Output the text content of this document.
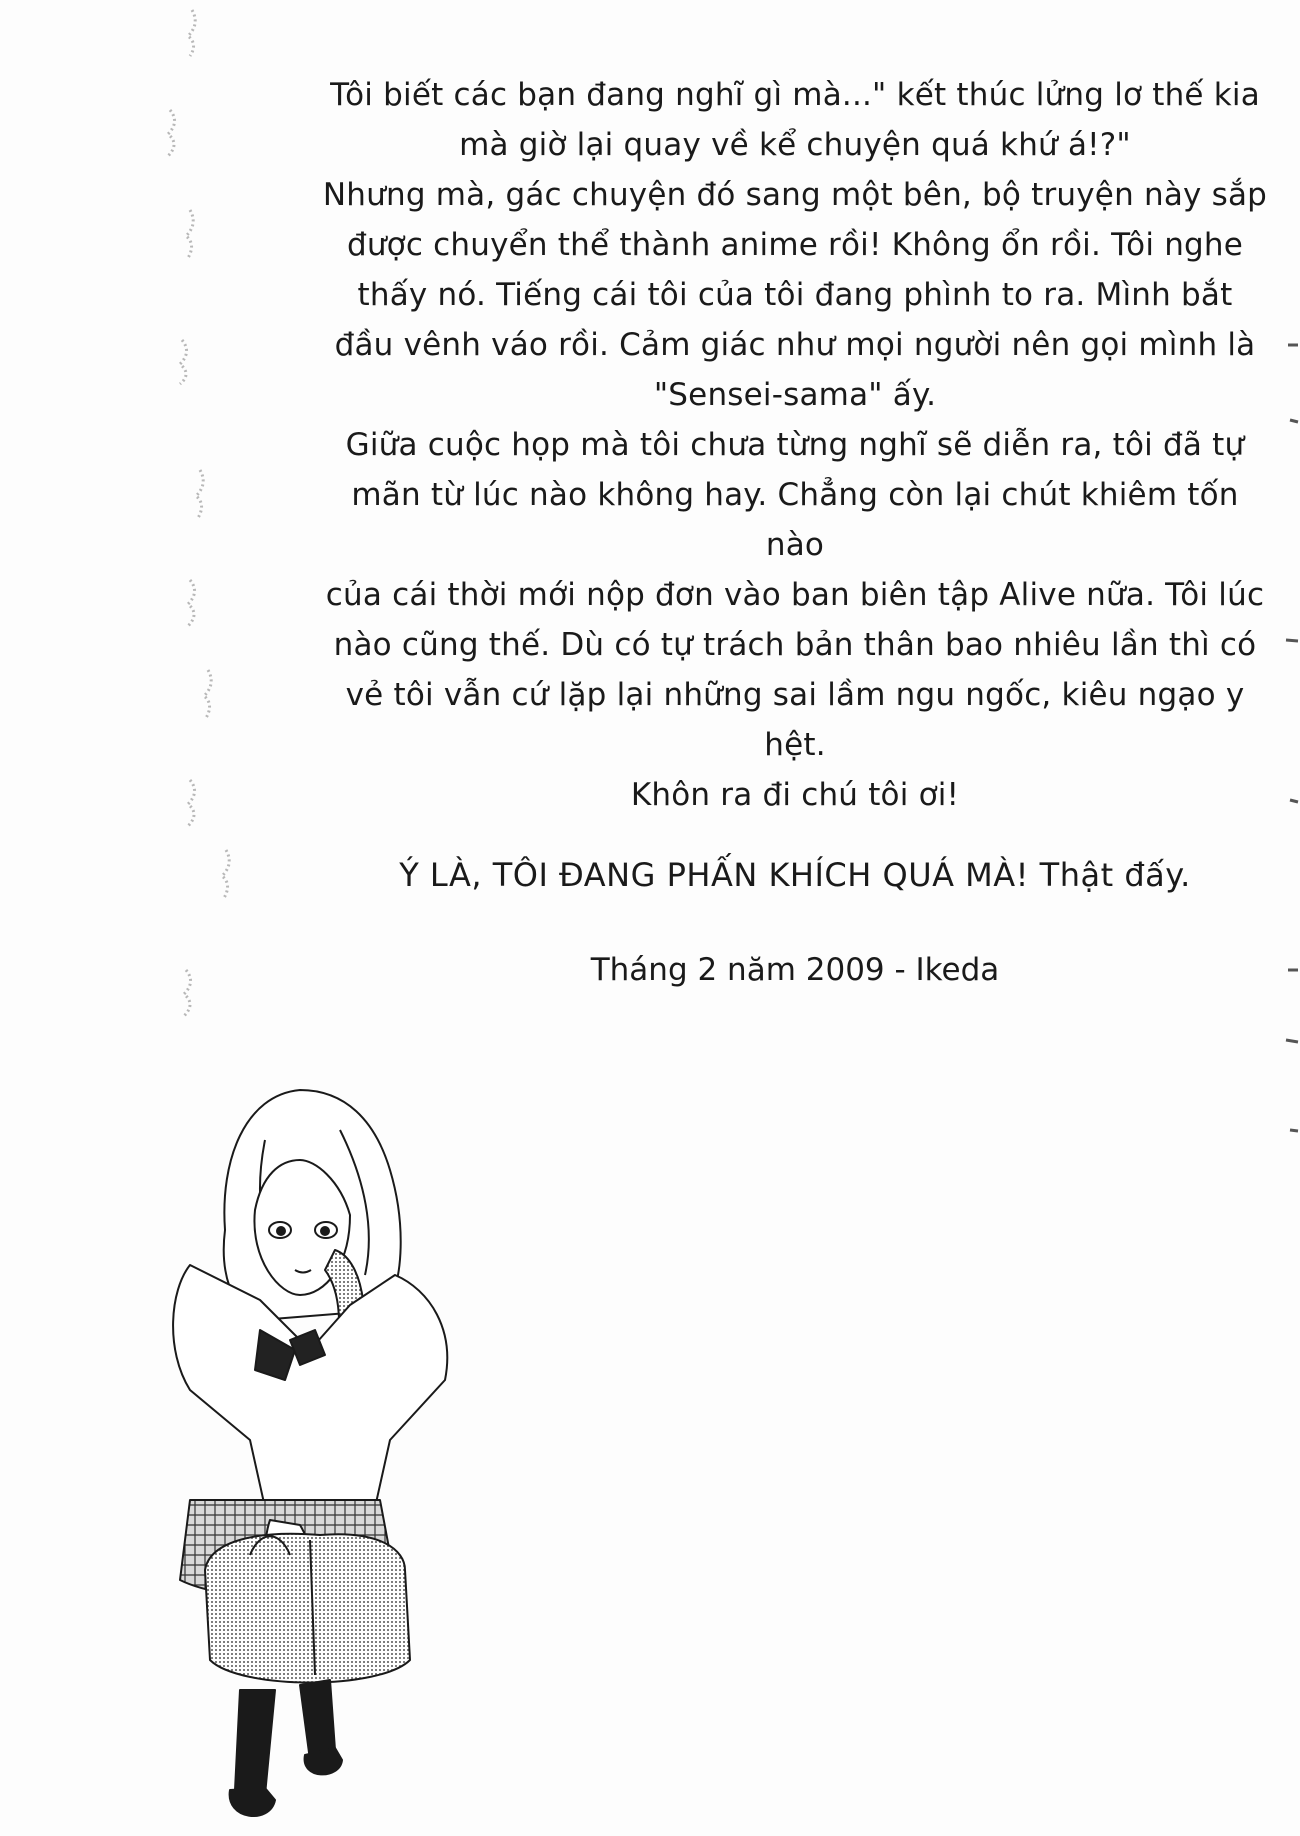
Tôi biết các bạn đang nghĩ gì mà..." kết thúc lửng lơ thế kia
mà giờ lại quay về kể chuyện quá khứ á!?"

Nhưng mà, gác chuyện đó sang một bên, bộ truyện này sắp
được chuyển thể thành anime rồi! Không ổn rồi. Tôi nghe
thấy nó. Tiếng cái tôi của tôi đang phình to ra. Mình bắt
đầu vênh váo rồi. Cảm giác như mọi người nên gọi mình là
"Sensei-sama" ấy.

Giữa cuộc họp mà tôi chưa từng nghĩ sẽ diễn ra, tôi đã tự
mãn từ lúc nào không hay. Chẳng còn lại chút khiêm tốn nào
của cái thời mới nộp đơn vào ban biên tập Alive nữa. Tôi lúc
nào cũng thế. Dù có tự trách bản thân bao nhiêu lần thì có
vẻ tôi vẫn cứ lặp lại những sai lầm ngu ngốc, kiêu ngạo y hệt.
Khôn ra đi chú tôi ơi!

Ý LÀ, TÔI ĐANG PHẤN KHÍCH QUÁ MÀ! Thật đấy.

Tháng 2 năm 2009 - Ikeda
